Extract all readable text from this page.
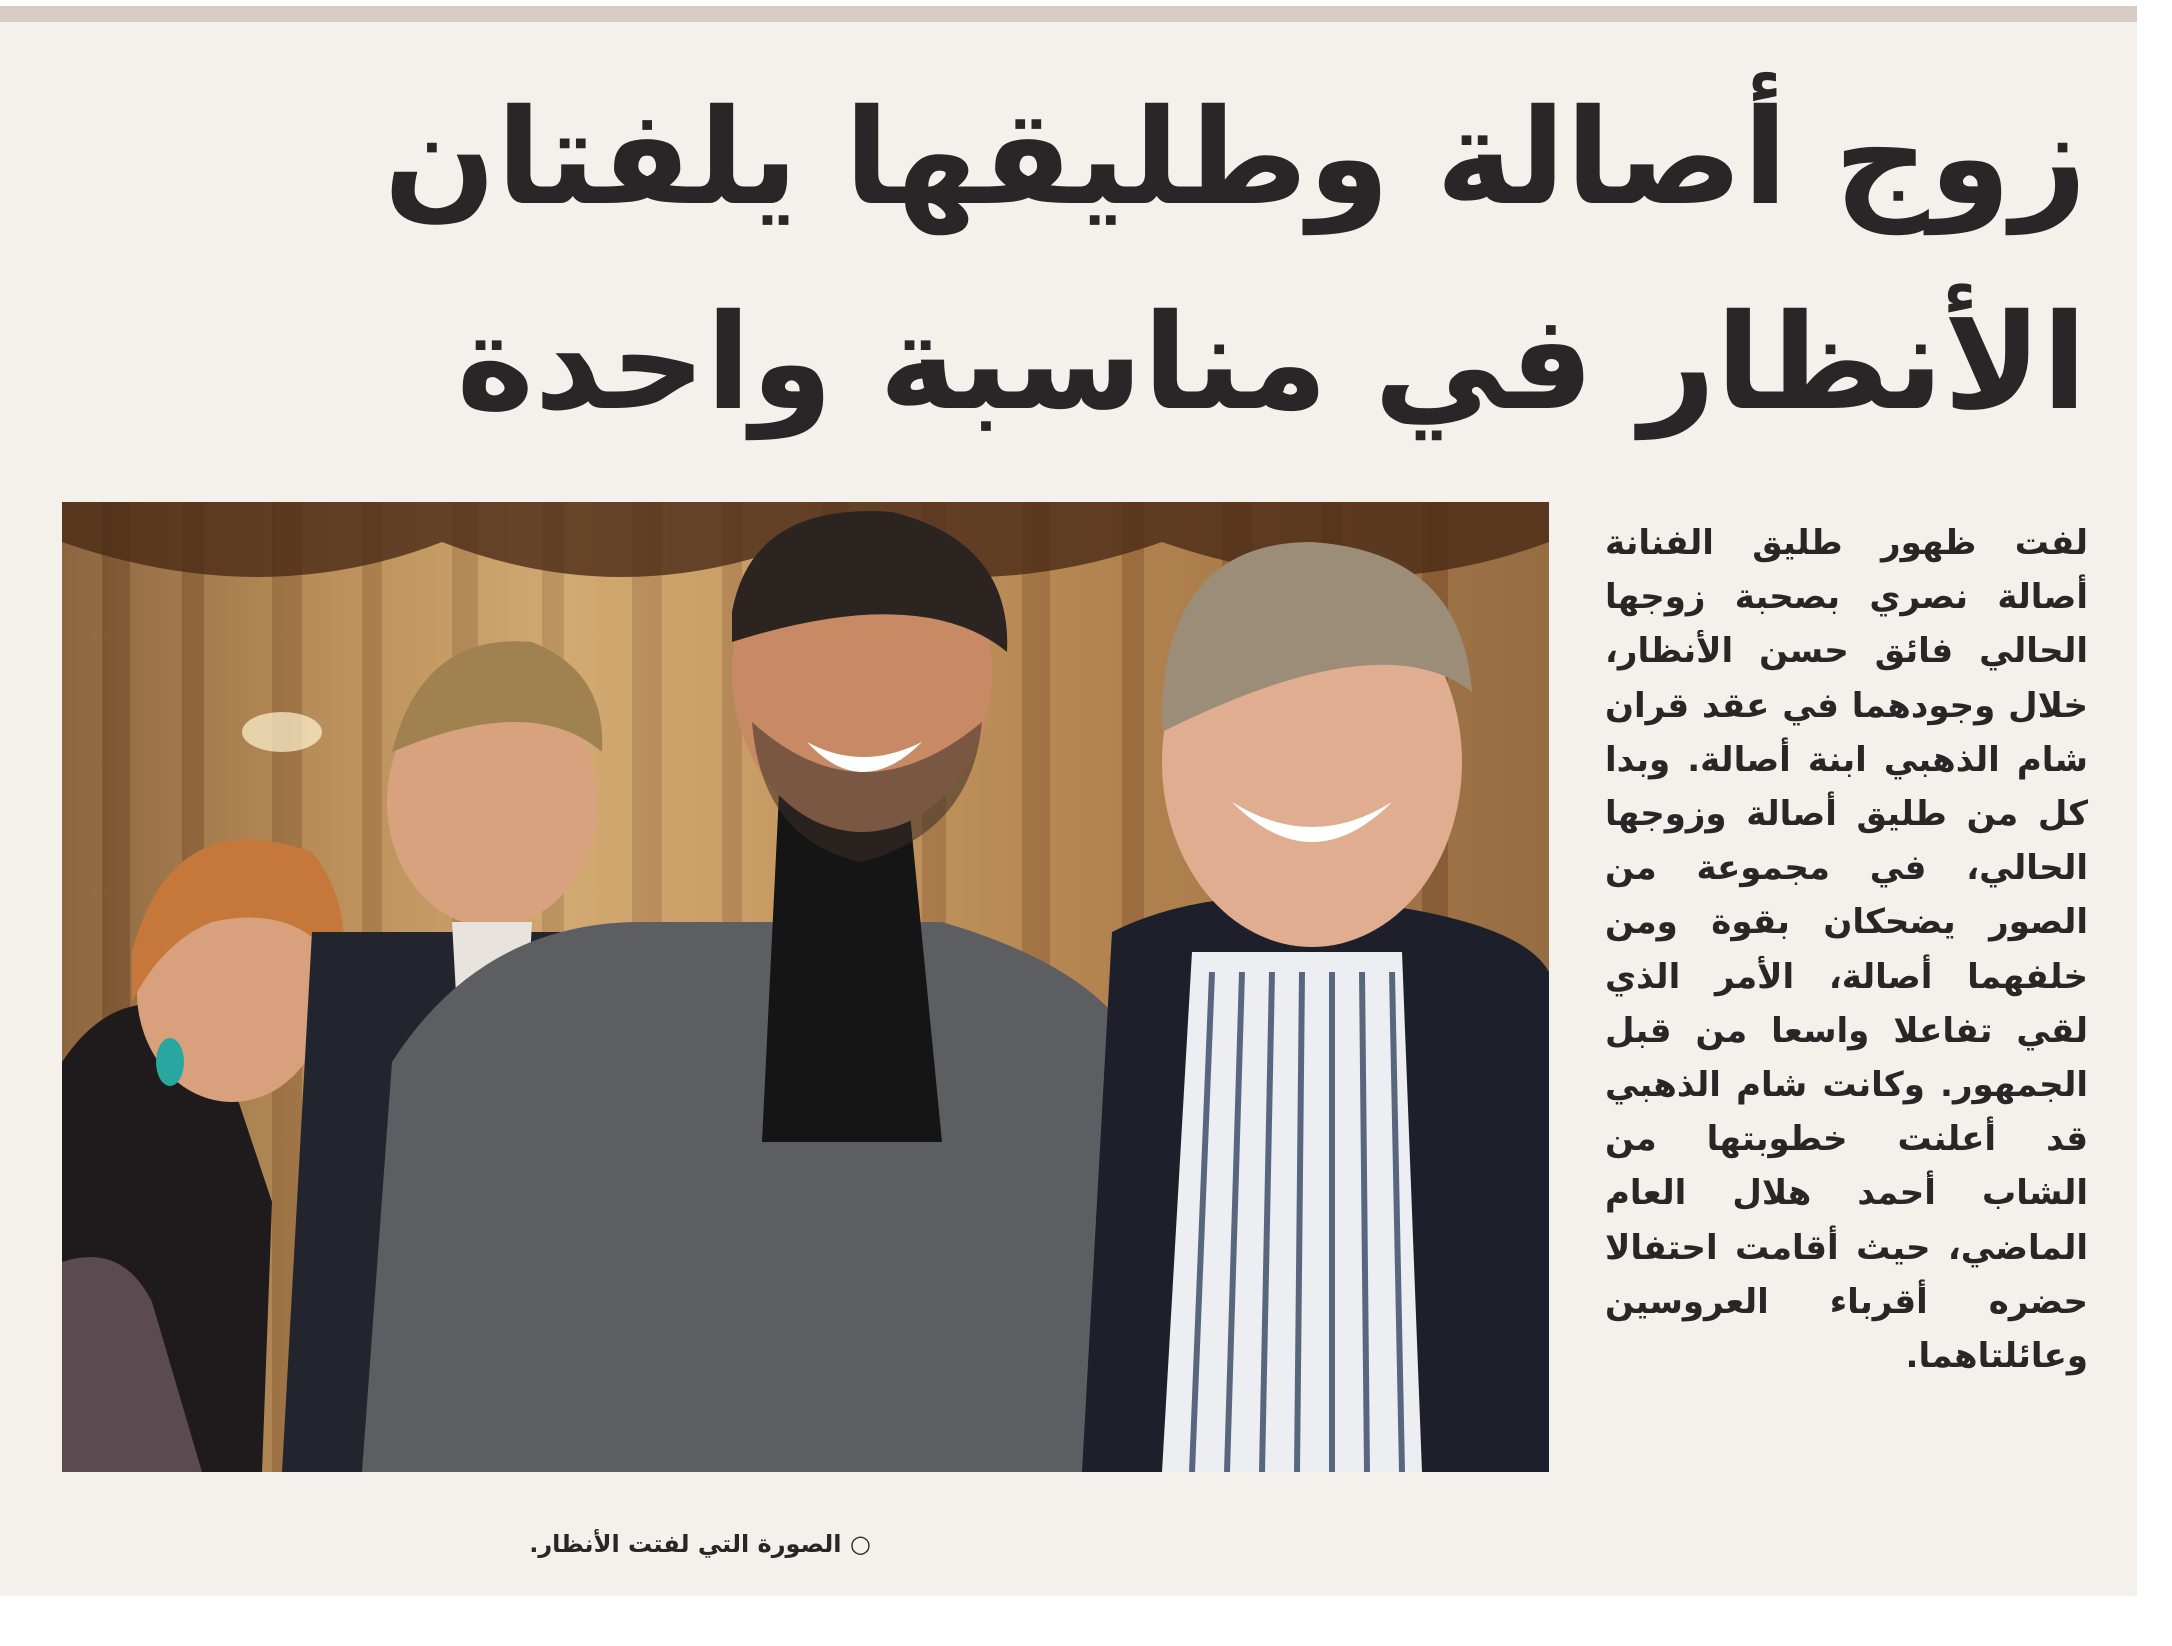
زوج أصالة وطليقها يلفتان
الأنظار في مناسبة واحدة
○ الصورة التي لفتت الأنظار.

لفت ظهور طليق الفنانة أصالة نصري بصحبة زوجها الحالي فائق حسن الأنظار، خلال وجودهما في عقد قران شام الذهبي ابنة أصالة. وبدا كل من طليق أصالة وزوجها الحالي، في مجموعة من الصور يضحكان بقوة ومن خلفهما أصالة، الأمر الذي لقي تفاعلا واسعا من قبل الجمهور. وكانت شام الذهبي قد أعلنت خطوبتها من الشاب أحمد هلال العام الماضي، حيث أقامت احتفالا حضره أقرباء العروسين وعائلتاهما.
